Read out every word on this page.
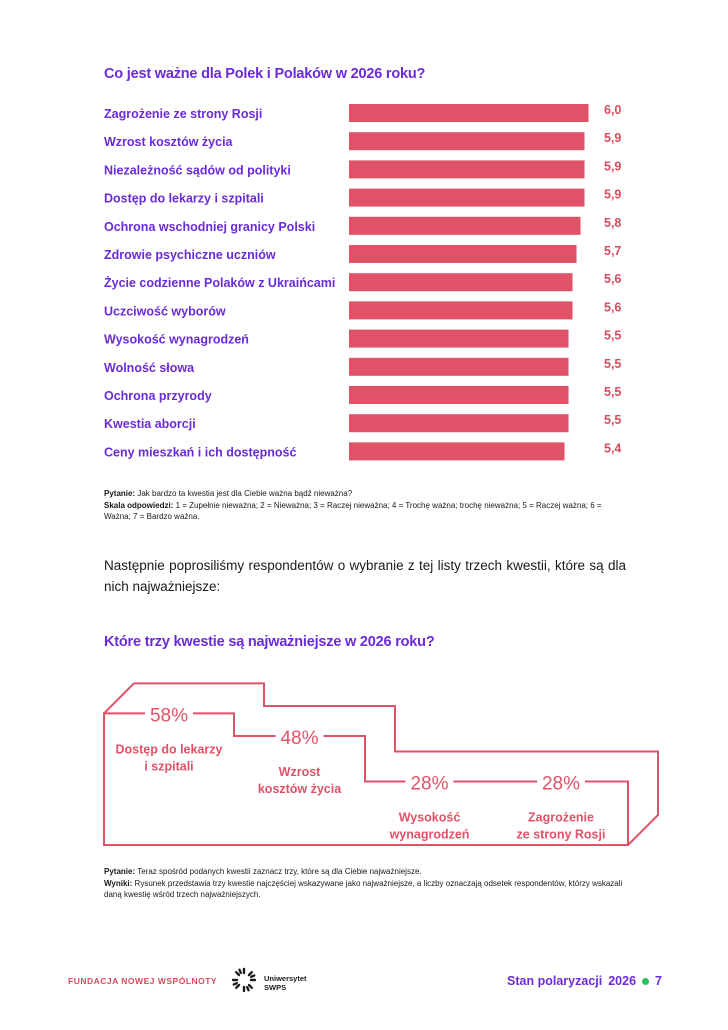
Co jest ważne dla Polek i Polaków w 2026 roku?
Zagrożenie ze strony Rosji	6,0
Wzrost kosztów życia	5,9
Niezależność sądów od polityki	5,9
Dostęp do lekarzy i szpitali	5,9
Ochrona wschodniej granicy Polski	5,8
Zdrowie psychiczne uczniów	5,7
Życie codzienne Polaków z Ukraińcami	5,6
Uczciwość wyborów	5,6
Wysokość wynagrodzeń	5,5
Wolność słowa	5,5
Ochrona przyrody	5,5
Kwestia aborcji	5,5
Ceny mieszkań i ich dostępność	5,4
Pytanie: Jak bardzo ta kwestia jest dla Ciebie ważna bądź nieważna?
Skala odpowiedzi: 1 = Zupełnie nieważna; 2 = Nieważna; 3 = Raczej nieważna; 4 = Trochę ważna; trochę nieważna; 5 = Raczej ważna; 6 = Ważna; 7 = Bardzo ważna.

Następnie poprosiliśmy respondentów o wybranie z tej listy trzech kwestii, które są dla nich najważniejsze:

Które trzy kwestie są najważniejsze w 2026 roku?
58%
Dostęp do lekarzy
i szpitali
48%
Wzrost
kosztów życia	28%
Wysokość
wynagrodzeń
28%
Zagrożenie
ze strony Rosji
Pytanie: Teraz spośród podanych kwestii zaznacz trzy, które są dla Ciebie najważniejsze.
Wyniki: Rysunek przedstawia trzy kwestie najczęściej wskazywane jako najważniejsze, a liczby oznaczają odsetek respondentów, którzy wskazali daną kwestię wśród trzech najważniejszych.
FUNDACJA NOWEJ WSPÓLNOTY	Uniwersytet
SWPS	Stan polaryzacji 2026 7
